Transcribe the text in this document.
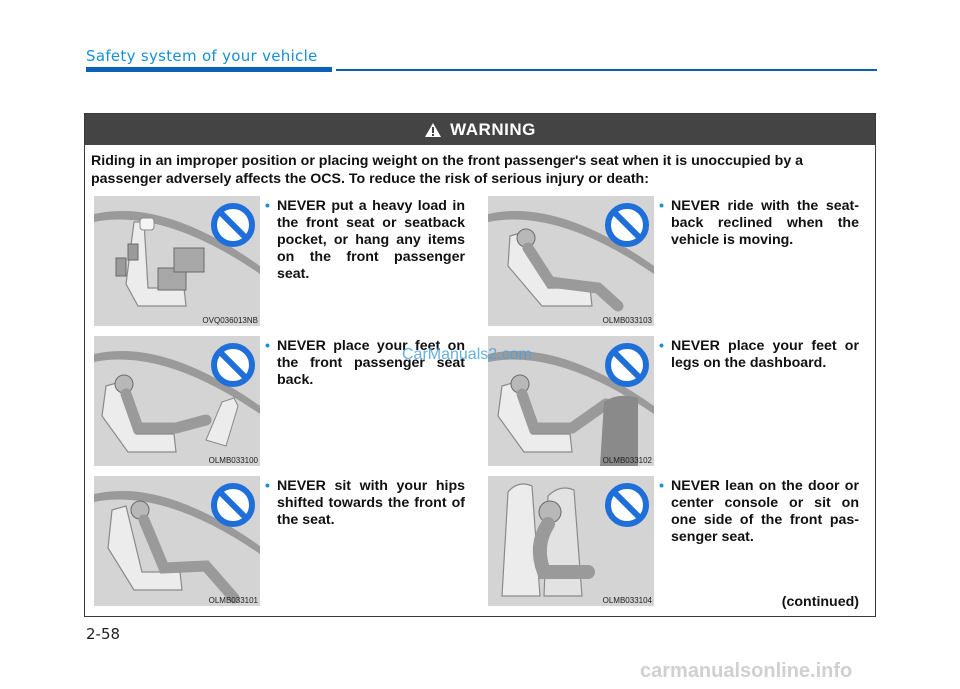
Safety system of your vehicle
WARNING
Riding in an improper position or placing weight on the front passenger's seat when it is unoccupied by a passenger adversely affects the OCS. To reduce the risk of serious injury or death:
OVQ036013NB
• NEVER put a heavy load in the front seat or seatback pocket, or hang any items on the front passenger seat.
OLMB033103
• NEVER ride with the seat-back reclined when the vehicle is moving.
OLMB033100
• NEVER place your feet on the front passenger seat back.
OLMB033102
• NEVER place your feet or legs on the dashboard.
OLMB033101
• NEVER sit with your hips shifted towards the front of the seat.
OLMB033104
• NEVER lean on the door or center console or sit on one side of the front pas-senger seat.
(continued)
CarManuals2.com
2-58
carmanualsonline.info
